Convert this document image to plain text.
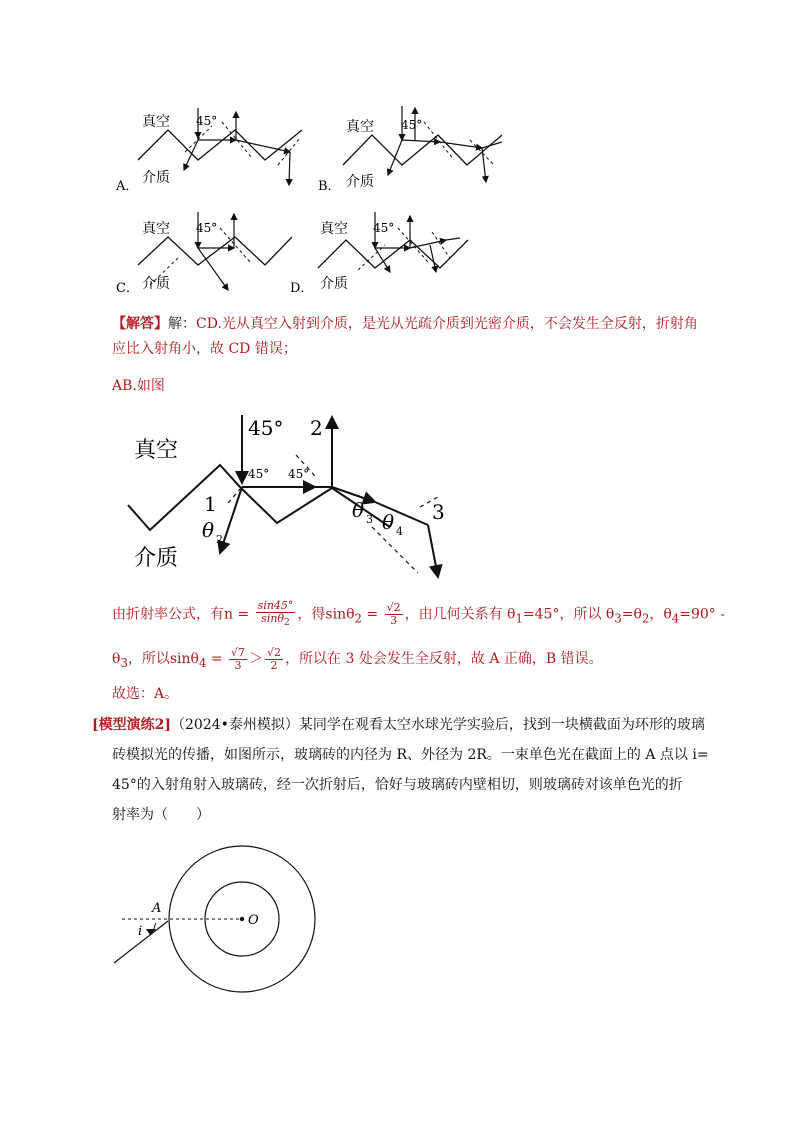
真空 45°
A．
介质
真空 45°
B． 介质
真空 45°
C． 介质
真空 45°
D． 介质
【解答】解：CD.光从真空入射到介质，是光从光疏介质到光密介质，不会发生全反射，折射角
应比入射角小，故 CD 错误；
AB.如图
真空
介质
45°
45° 45°
1
2
3
θ 2
θ 3 θ 4
由折射率公式，有$n = \frac{\sin 45^\circ}{\sin\theta_2}$ ，得$\sin\theta_2 = \frac{√2}{3}$ ，由几何关系有 $\theta_1=45^\circ$，所以 $\theta_3=\theta_2$，$\theta_4=90^\circ$ -
$\theta_3$，所以$\sin\theta_4 = \frac{√7}{3} > \frac{√2}{2}$ ，所以在 3 处会发生全反射，故 A 正确，B 错误。
故选：A。
[模型演练2]（2024•泰州模拟）某同学在观看太空水球光学实验后，找到一块横截面为环形的玻璃
砖模拟光的传播，如图所示，玻璃砖的内径为 R、外径为 2R。一束单色光在截面上的 A 点以 i=
45°的入射角射入玻璃砖，经一次折射后，恰好与玻璃砖内壁相切，则玻璃砖对该单色光的折
射率为（　　）
A
i
O
